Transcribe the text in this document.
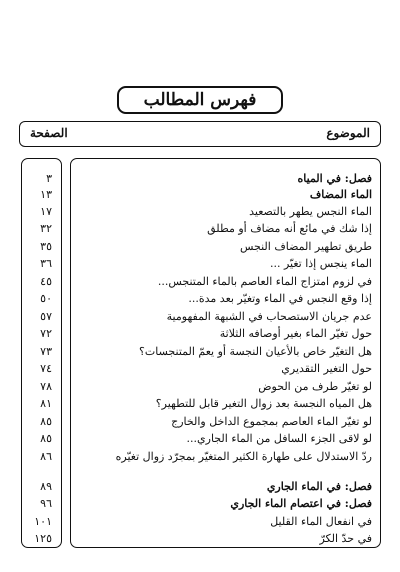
فهرس المطالب
الموضوع
الصفحة
٣
١٣
١٧
٣٢
٣٥
٣٦
٤٥
٥٠
٥٧
٧٢
٧٣
٧٤
٧٨
٨١
٨٥
٨٥
٨٦
٨٩
٩٦
١٠١
١٢٥
فصل: في المياه
الماء المضاف
الماء النجس يطهر بالتصعيد
إذا شك في مائع أنه مضاف أو مطلق
طريق تطهير المضاف النجس
الماء ينجس إذا تغيّر ...
في لزوم امتزاج الماء العاصم بالماء المتنجس...
إذا وقع النجس في الماء وتغيّر بعد مدة...
عدم جريان الاستصحاب في الشبهة المفهومية
حول تغيّر الماء بغير أوصافه الثلاثة
هل التغيّر خاص بالأعيان النجسة أو يعمّ المتنجسات؟
حول التغير التقديري
لو تغيّر طرف من الحوض
هل المياه النجسة بعد زوال التغير قابل للتطهير؟
لو تغيّر الماء العاصم بمجموع الداخل والخارج
لو لاقى الجزء السافل من الماء الجاري...
ردّ الاستدلال على طهارة الكثير المتغيّر بمجرّد زوال تغيّره
فصل: في الماء الجاري
فصل: في اعتصام الماء الجاري
في انفعال الماء القليل
في حدّ الكرّ
